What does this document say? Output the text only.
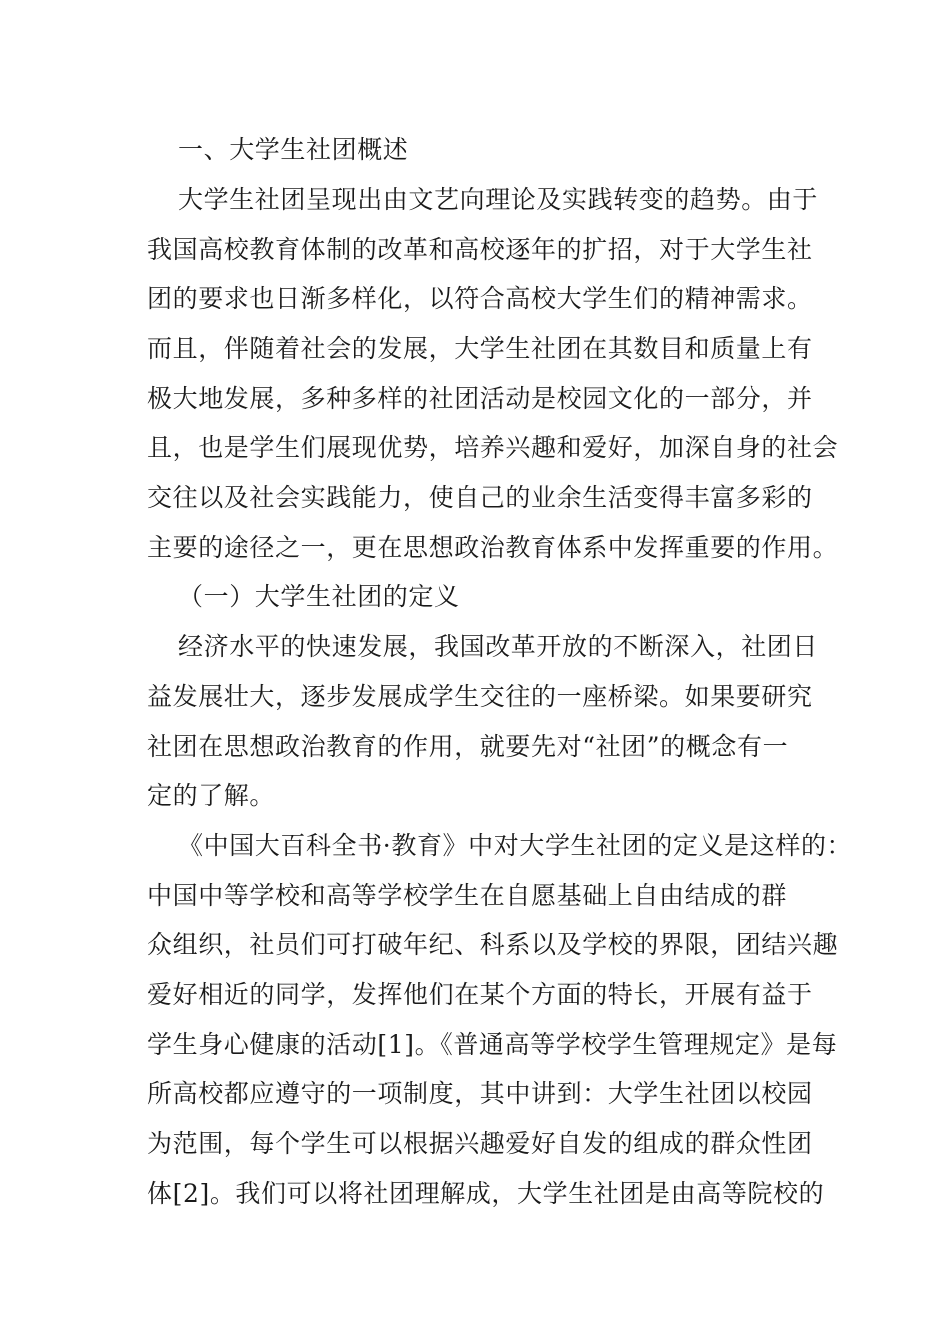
一、大学生社团概述
大学生社团呈现出由文艺向理论及实践转变的趋势。由于
我国高校教育体制的改革和高校逐年的扩招，对于大学生社
团的要求也日渐多样化，以符合高校大学生们的精神需求。
而且，伴随着社会的发展，大学生社团在其数目和质量上有
极大地发展，多种多样的社团活动是校园文化的一部分，并
且，也是学生们展现优势，培养兴趣和爱好，加深自身的社会
交往以及社会实践能力，使自己的业余生活变得丰富多彩的
主要的途径之一，更在思想政治教育体系中发挥重要的作用。
（一）大学生社团的定义
经济水平的快速发展，我国改革开放的不断深入，社团日
益发展壮大，逐步发展成学生交往的一座桥梁。如果要研究
社团在思想政治教育的作用，就要先对“社团”的概念有一
定的了解。
《中国大百科全书·教育》中对大学生社团的定义是这样的：
中国中等学校和高等学校学生在自愿基础上自由结成的群
众组织，社员们可打破年纪、科系以及学校的界限，团结兴趣
爱好相近的同学，发挥他们在某个方面的特长，开展有益于
学生身心健康的活动[1]。《普通高等学校学生管理规定》是每
所高校都应遵守的一项制度，其中讲到：大学生社团以校园
为范围，每个学生可以根据兴趣爱好自发的组成的群众性团
体[2]。我们可以将社团理解成，大学生社团是由高等院校的
